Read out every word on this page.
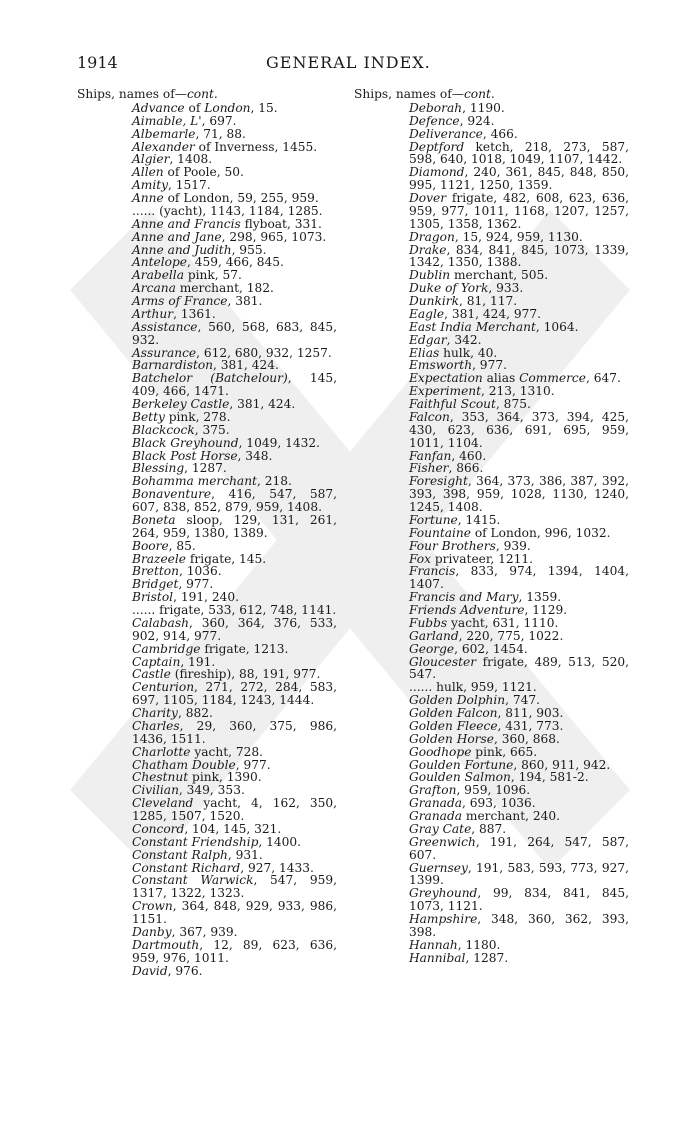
1914	GENERAL INDEX.
Ships, names of—cont.
Advance of London, 15.
Aimable, L', 697.
Albemarle, 71, 88.
Alexander of Inverness, 1455.
Algier, 1408.
Allen of Poole, 50.
Amity, 1517.
Anne of London, 59, 255, 959.
...... (yacht), 1143, 1184, 1285.
Anne and Francis flyboat, 331.
Anne and Jane, 298, 965, 1073.
Anne and Judith, 955.
Antelope, 459, 466, 845.
Arabella pink, 57.
Arcana merchant, 182.
Arms of France, 381.
Arthur, 1361.
Assistance, 560, 568, 683, 845, 932.
Assurance, 612, 680, 932, 1257.
Barnardiston, 381, 424.
Batchelor (Batchelour), 145, 409, 466, 1471.
Berkeley Castle, 381, 424.
Betty pink, 278.
Blackcock, 375.
Black Greyhound, 1049, 1432.
Black Post Horse, 348.
Blessing, 1287.
Bohamma merchant, 218.
Bonaventure, 416, 547, 587, 607, 838, 852, 879, 959, 1408.
Boneta sloop, 129, 131, 261, 264, 959, 1380, 1389.
Boore, 85.
Brazeele frigate, 145.
Bretton, 1036.
Bridget, 977.
Bristol, 191, 240.
...... frigate, 533, 612, 748, 1141.
Calabash, 360, 364, 376, 533, 902, 914, 977.
Cambridge frigate, 1213.
Captain, 191.
Castle (fireship), 88, 191, 977.
Centurion, 271, 272, 284, 583, 697, 1105, 1184, 1243, 1444.
Charity, 882.
Charles, 29, 360, 375, 986, 1436, 1511.
Charlotte yacht, 728.
Chatham Double, 977.
Chestnut pink, 1390.
Civilian, 349, 353.
Cleveland yacht, 4, 162, 350, 1285, 1507, 1520.
Concord, 104, 145, 321.
Constant Friendship, 1400.
Constant Ralph, 931.
Constant Richard, 927, 1433.
Constant Warwick, 547, 959, 1317, 1322, 1323.
Crown, 364, 848, 929, 933, 986, 1151.
Danby, 367, 939.
Dartmouth, 12, 89, 623, 636, 959, 976, 1011.
David, 976.
Ships, names of—cont.
Deborah, 1190.
Defence, 924.
Deliverance, 466.
Deptford ketch, 218, 273, 587, 598, 640, 1018, 1049, 1107, 1442.
Diamond, 240, 361, 845, 848, 850, 995, 1121, 1250, 1359.
Dover frigate, 482, 608, 623, 636, 959, 977, 1011, 1168, 1207, 1257, 1305, 1358, 1362.
Dragon, 15, 924, 959, 1130.
Drake, 834, 841, 845, 1073, 1339, 1342, 1350, 1388.
Dublin merchant, 505.
Duke of York, 933.
Dunkirk, 81, 117.
Eagle, 381, 424, 977.
East India Merchant, 1064.
Edgar, 342.
Elias hulk, 40.
Emsworth, 977.
Expectation alias Commerce, 647.
Experiment, 213, 1310.
Faithful Scout, 875.
Falcon, 353, 364, 373, 394, 425, 430, 623, 636, 691, 695, 959, 1011, 1104.
Fanfan, 460.
Fisher, 866.
Foresight, 364, 373, 386, 387, 392, 393, 398, 959, 1028, 1130, 1240, 1245, 1408.
Fortune, 1415.
Fountaine of London, 996, 1032.
Four Brothers, 939.
Fox privateer, 1211.
Francis, 833, 974, 1394, 1404, 1407.
Francis and Mary, 1359.
Friends Adventure, 1129.
Fubbs yacht, 631, 1110.
Garland, 220, 775, 1022.
George, 602, 1454.
Gloucester frigate, 489, 513, 520, 547.
...... hulk, 959, 1121.
Golden Dolphin, 747.
Golden Falcon, 811, 903.
Golden Fleece, 431, 773.
Golden Horse, 360, 868.
Goodhope pink, 665.
Goulden Fortune, 860, 911, 942.
Goulden Salmon, 194, 581-2.
Grafton, 959, 1096.
Granada, 693, 1036.
Granada merchant, 240.
Gray Cate, 887.
Greenwich, 191, 264, 547, 587, 607.
Guernsey, 191, 583, 593, 773, 927, 1399.
Greyhound, 99, 834, 841, 845, 1073, 1121.
Hampshire, 348, 360, 362, 393, 398.
Hannah, 1180.
Hannibal, 1287.
